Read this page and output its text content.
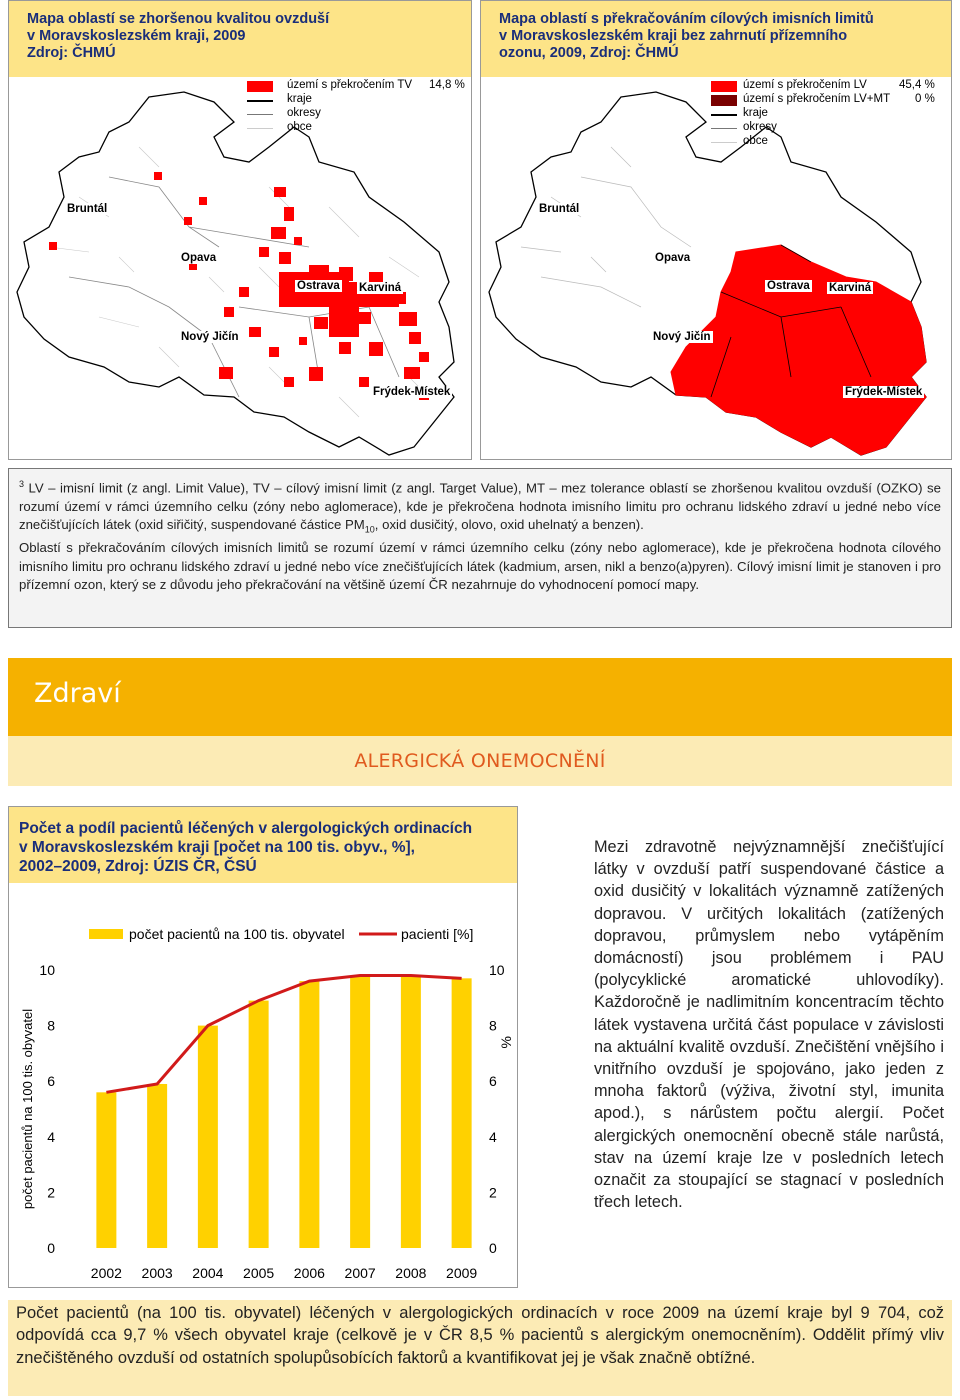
Mapa oblastí se zhoršenou kvalitou ovzduší
v Moravskoslezském kraji, 2009
Zdroj: ČHMÚ
území s překročením TV 14,8 %
kraje
okresy
obce
Bruntál
Opava
Ostrava Karviná
Nový Jičín
Frýdek-Místek
Mapa oblastí s překračováním cílových imisních limitů
v Moravskoslezském kraji bez zahrnutí přízemního
ozonu, 2009, Zdroj: ČHMÚ
území s překročením LV	45,4 %
území s překročením LV+MT 0 %
kraje
okresy
obce
Bruntál
Opava
Ostrava Karviná
Nový Jičín
Frýdek-Místek

$^3$ LV – imisní limit (z angl. Limit Value), TV – cílový imisní limit (z angl. Target Value), MT – mez tolerance oblastí se zhoršenou kvalitou ovzduší (OZKO) se rozumí území v rámci územního celku (zóny nebo aglomerace), kde je překročena hodnota imisního limitu pro ochranu lidského zdraví u jedné nebo více znečišťujících látek (oxid siřičitý, suspendované částice $PM_{10}$, oxid dusičitý, olovo, oxid uhelnatý a benzen).

Oblastí s překračováním cílových imisních limitů se rozumí území v rámci územního celku (zóny nebo aglomerace), kde je překročena hodnota cílového imisního limitu pro ochranu lidského zdraví u jedné nebo více znečišťujících látek (kadmium, arsen, nikl a benzo(a)pyren). Cílový imisní limit je stanoven i pro přízemní ozon, který se z důvodu jeho překračování na většině území ČR nezahrnuje do vyhodnocení pomocí mapy.

Zdraví
ALERGICKÁ ONEMOCNĚNÍ
Počet a podíl pacientů léčených v alergologických ordinacích
v Moravskoslezském kraji [počet na 100 tis. obyv., %],
2002–2009, Zdroj: ÚZIS ČR, ČSÚ
počet pacientů na 100 tis. obyvatel	pacienti [%]
0	0
2	2
4	4
6	6
8	8
10	10
2002 2003 2004 2005 2006 2007 2008 2009
počet pacientů na 100 tis. obyvatel	%
Mezi zdravotně nejvýznamnější znečišťující látky v ovzduší patří suspendované částice a oxid dusičitý v lokalitách významně zatížených dopravou. V určitých lokalitách (zatížených dopravou, průmyslem nebo vytápěním domácností) jsou problémem i PAU (polycyklické aromatické uhlovodíky). Každoročně je nadlimitním koncentracím těchto látek vystavena určitá část populace v závislosti na aktuální kvalitě ovzduší. Znečištění vnějšího i vnitřního ovzduší je spojováno, jako jeden z mnoha faktorů (výživa, životní styl, imunita apod.), s nárůstem počtu alergií. Počet alergických onemocnění obecně stále narůstá, stav na území kraje lze v posledních letech označit za stoupající se stagnací v posledních třech letech.
Počet pacientů (na 100 tis. obyvatel) léčených v alergologických ordinacích v roce 2009 na území kraje byl 9 704, což odpovídá cca 9,7 % všech obyvatel kraje (celkově je v ČR 8,5 % pacientů s alergickým onemocněním). Oddělit přímý vliv znečištěného ovzduší od ostatních spolupůsobících faktorů a kvantifikovat jej je však značně obtížné.
